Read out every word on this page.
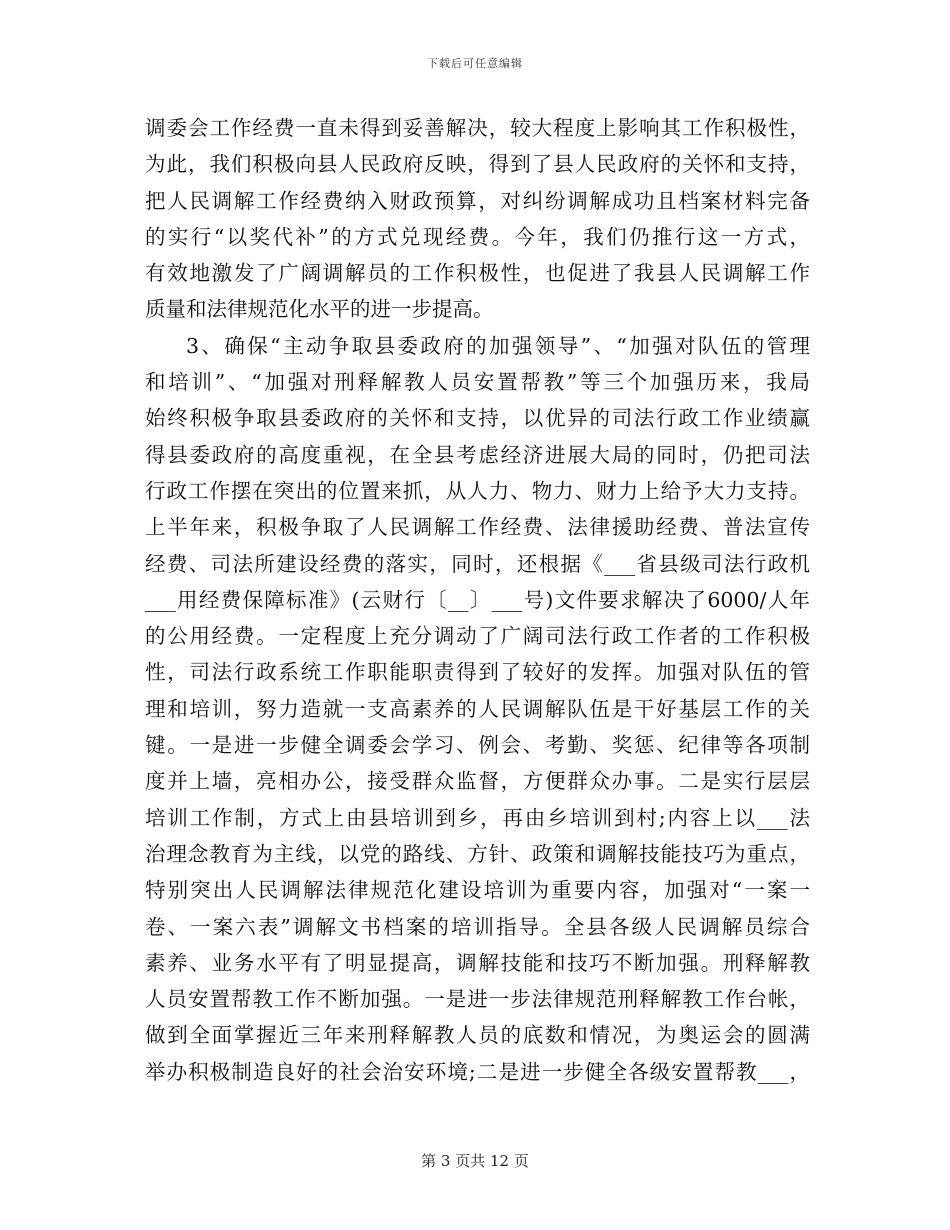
下载后可任意编辑
调委会工作经费一直未得到妥善解决，较大程度上影响其工作积极性，
为此，我们积极向县人民政府反映，得到了县人民政府的关怀和支持，
把人民调解工作经费纳入财政预算，对纠纷调解成功且档案材料完备
的实行“以奖代补”的方式兑现经费。今年，我们仍推行这一方式，
有效地激发了广阔调解员的工作积极性，也促进了我县人民调解工作
质量和法律规范化水平的进一步提高。
3、确保“主动争取县委政府的加强领导”、“加强对队伍的管理
和培训”、“加强对刑释解教人员安置帮教”等三个加强历来，我局
始终积极争取县委政府的关怀和支持，以优异的司法行政工作业绩赢
得县委政府的高度重视，在全县考虑经济进展大局的同时，仍把司法
行政工作摆在突出的位置来抓，从人力、物力、财力上给予大力支持。
上半年来，积极争取了人民调解工作经费、法律援助经费、普法宣传
经费、司法所建设经费的落实，同时，还根据《___省县级司法行政机
___用经费保障标准》(云财行〔__〕___号)文件要求解决了6000/人年
的公用经费。一定程度上充分调动了广阔司法行政工作者的工作积极
性，司法行政系统工作职能职责得到了较好的发挥。加强对队伍的管
理和培训，努力造就一支高素养的人民调解队伍是干好基层工作的关
键。一是进一步健全调委会学习、例会、考勤、奖惩、纪律等各项制
度并上墙，亮相办公，接受群众监督，方便群众办事。二是实行层层
培训工作制，方式上由县培训到乡，再由乡培训到村;内容上以___法
治理念教育为主线，以党的路线、方针、政策和调解技能技巧为重点，
特别突出人民调解法律规范化建设培训为重要内容，加强对“一案一
卷、一案六表”调解文书档案的培训指导。全县各级人民调解员综合
素养、业务水平有了明显提高，调解技能和技巧不断加强。刑释解教
人员安置帮教工作不断加强。一是进一步法律规范刑释解教工作台帐，
做到全面掌握近三年来刑释解教人员的底数和情况，为奥运会的圆满
举办积极制造良好的社会治安环境;二是进一步健全各级安置帮教___，
第 3 页共 12 页
